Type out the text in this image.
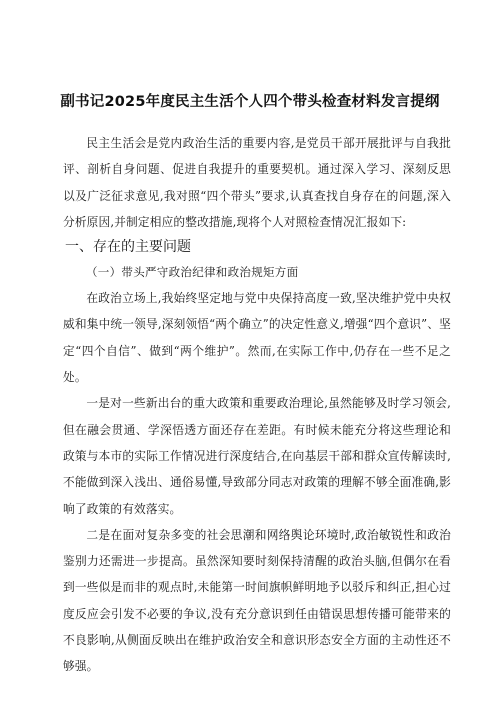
副书记2025年度民主生活个人四个带头检查材料发言提纲

民主生活会是党内政治生活的重要内容,是党员干部开展批评与自我批评、剖析自身问题、促进自我提升的重要契机。通过深入学习、深刻反思以及广泛征求意见,我对照“四个带头”要求,认真查找自身存在的问题,深入分析原因,并制定相应的整改措施,现将个人对照检查情况汇报如下:

一、存在的主要问题

（一）带头严守政治纪律和政治规矩方面

在政治立场上,我始终坚定地与党中央保持高度一致,坚决维护党中央权威和集中统一领导,深刻领悟“两个确立”的决定性意义,增强“四个意识”、坚定“四个自信”、做到“两个维护”。然而,在实际工作中,仍存在一些不足之处。

一是对一些新出台的重大政策和重要政治理论,虽然能够及时学习领会,但在融会贯通、学深悟透方面还存在差距。有时候未能充分将这些理论和政策与本市的实际工作情况进行深度结合,在向基层干部和群众宣传解读时,不能做到深入浅出、通俗易懂,导致部分同志对政策的理解不够全面准确,影响了政策的有效落实。

二是在面对复杂多变的社会思潮和网络舆论环境时,政治敏锐性和政治鉴别力还需进一步提高。虽然深知要时刻保持清醒的政治头脑,但偶尔在看到一些似是而非的观点时,未能第一时间旗帜鲜明地予以驳斥和纠正,担心过度反应会引发不必要的争议,没有充分意识到任由错误思想传播可能带来的不良影响,从侧面反映出在维护政治安全和意识形态安全方面的主动性还不够强。
